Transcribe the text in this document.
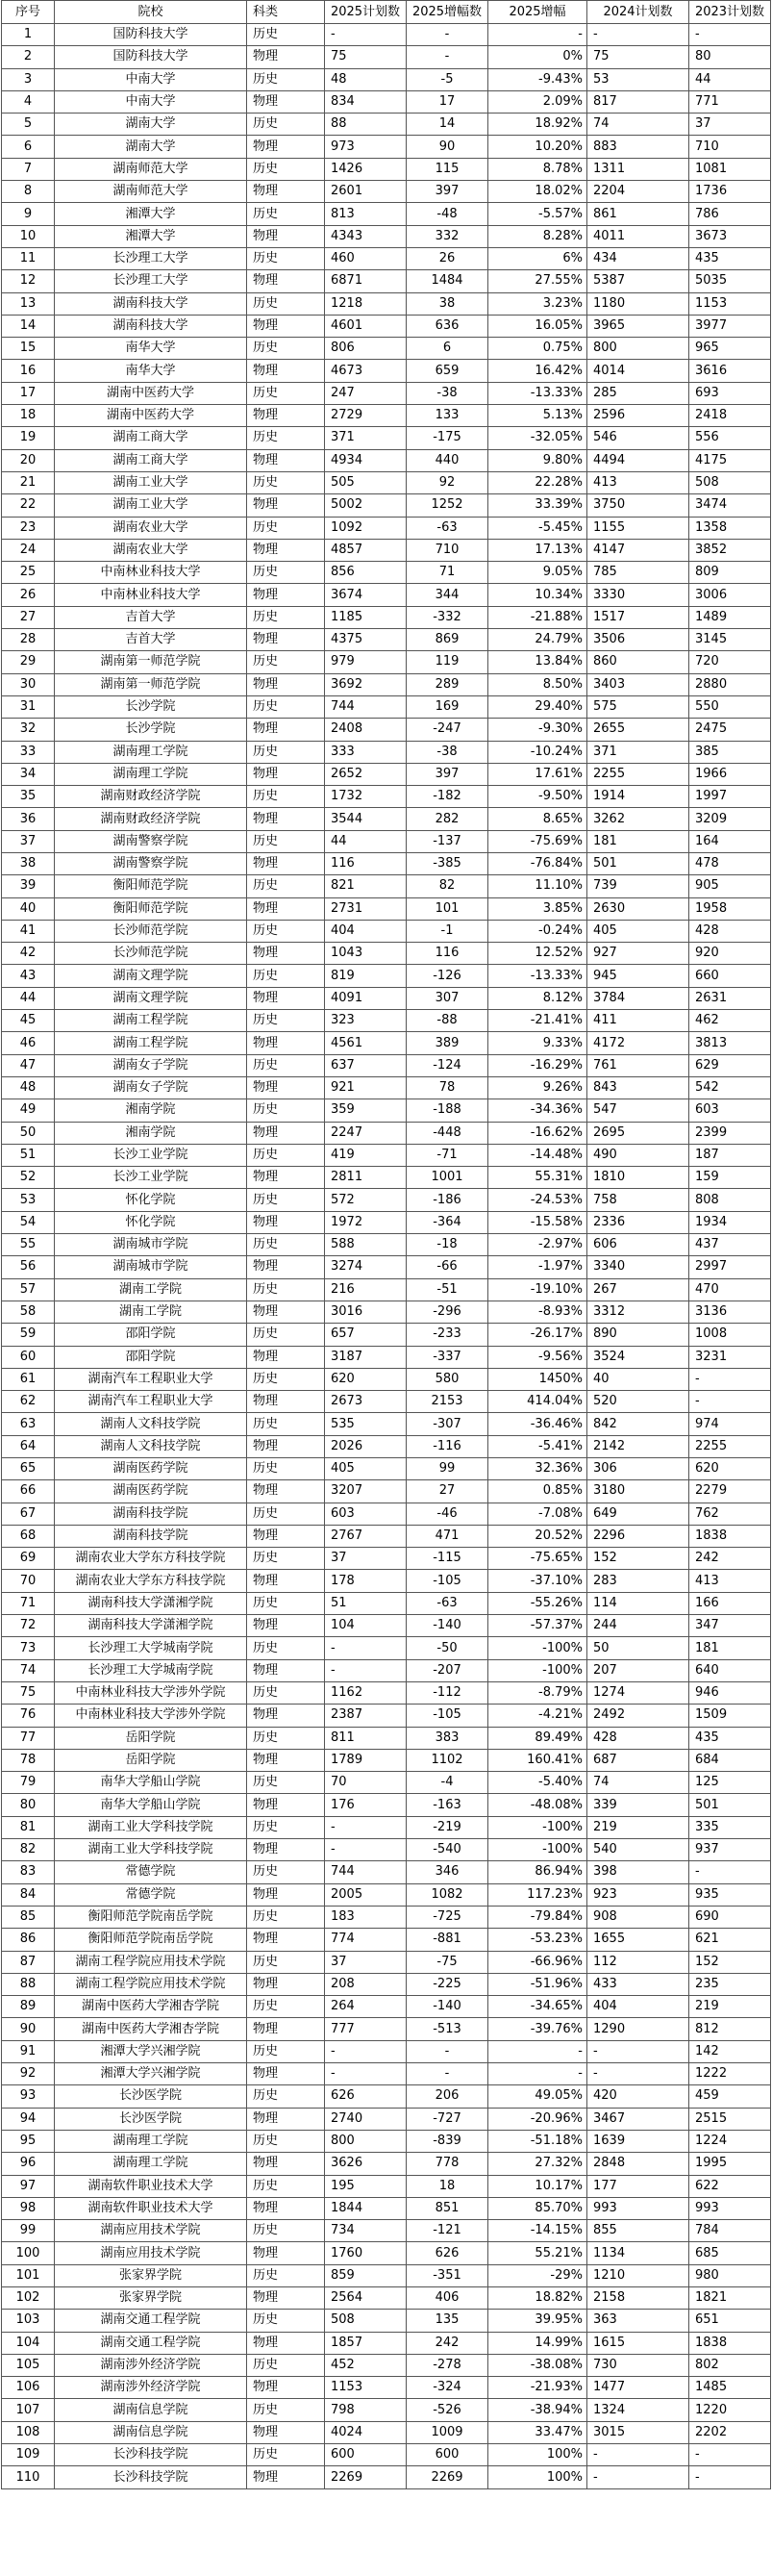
序号	院校	科类	2025计划数	2025增幅数	2025增幅	2024计划数	2023计划数
1	国防科技大学	历史	-	-	-	-	-
2	国防科技大学	物理	75	-	0%	75	80
3	中南大学	历史	48	-5	-9.43%	53	44
4	中南大学	物理	834	17	2.09%	817	771
5	湖南大学	历史	88	14	18.92%	74	37
6	湖南大学	物理	973	90	10.20%	883	710
7	湖南师范大学	历史	1426	115	8.78%	1311	1081
8	湖南师范大学	物理	2601	397	18.02%	2204	1736
9	湘潭大学	历史	813	-48	-5.57%	861	786
10	湘潭大学	物理	4343	332	8.28%	4011	3673
11	长沙理工大学	历史	460	26	6%	434	435
12	长沙理工大学	物理	6871	1484	27.55%	5387	5035
13	湖南科技大学	历史	1218	38	3.23%	1180	1153
14	湖南科技大学	物理	4601	636	16.05%	3965	3977
15	南华大学	历史	806	6	0.75%	800	965
16	南华大学	物理	4673	659	16.42%	4014	3616
17	湖南中医药大学	历史	247	-38	-13.33%	285	693
18	湖南中医药大学	物理	2729	133	5.13%	2596	2418
19	湖南工商大学	历史	371	-175	-32.05%	546	556
20	湖南工商大学	物理	4934	440	9.80%	4494	4175
21	湖南工业大学	历史	505	92	22.28%	413	508
22	湖南工业大学	物理	5002	1252	33.39%	3750	3474
23	湖南农业大学	历史	1092	-63	-5.45%	1155	1358
24	湖南农业大学	物理	4857	710	17.13%	4147	3852
25	中南林业科技大学	历史	856	71	9.05%	785	809
26	中南林业科技大学	物理	3674	344	10.34%	3330	3006
27	吉首大学	历史	1185	-332	-21.88%	1517	1489
28	吉首大学	物理	4375	869	24.79%	3506	3145
29	湖南第一师范学院	历史	979	119	13.84%	860	720
30	湖南第一师范学院	物理	3692	289	8.50%	3403	2880
31	长沙学院	历史	744	169	29.40%	575	550
32	长沙学院	物理	2408	-247	-9.30%	2655	2475
33	湖南理工学院	历史	333	-38	-10.24%	371	385
34	湖南理工学院	物理	2652	397	17.61%	2255	1966
35	湖南财政经济学院	历史	1732	-182	-9.50%	1914	1997
36	湖南财政经济学院	物理	3544	282	8.65%	3262	3209
37	湖南警察学院	历史	44	-137	-75.69%	181	164
38	湖南警察学院	物理	116	-385	-76.84%	501	478
39	衡阳师范学院	历史	821	82	11.10%	739	905
40	衡阳师范学院	物理	2731	101	3.85%	2630	1958
41	长沙师范学院	历史	404	-1	-0.24%	405	428
42	长沙师范学院	物理	1043	116	12.52%	927	920
43	湖南文理学院	历史	819	-126	-13.33%	945	660
44	湖南文理学院	物理	4091	307	8.12%	3784	2631
45	湖南工程学院	历史	323	-88	-21.41%	411	462
46	湖南工程学院	物理	4561	389	9.33%	4172	3813
47	湖南女子学院	历史	637	-124	-16.29%	761	629
48	湖南女子学院	物理	921	78	9.26%	843	542
49	湘南学院	历史	359	-188	-34.36%	547	603
50	湘南学院	物理	2247	-448	-16.62%	2695	2399
51	长沙工业学院	历史	419	-71	-14.48%	490	187
52	长沙工业学院	物理	2811	1001	55.31%	1810	159
53	怀化学院	历史	572	-186	-24.53%	758	808
54	怀化学院	物理	1972	-364	-15.58%	2336	1934
55	湖南城市学院	历史	588	-18	-2.97%	606	437
56	湖南城市学院	物理	3274	-66	-1.97%	3340	2997
57	湖南工学院	历史	216	-51	-19.10%	267	470
58	湖南工学院	物理	3016	-296	-8.93%	3312	3136
59	邵阳学院	历史	657	-233	-26.17%	890	1008
60	邵阳学院	物理	3187	-337	-9.56%	3524	3231
61	湖南汽车工程职业大学	历史	620	580	1450%	40	-
62	湖南汽车工程职业大学	物理	2673	2153	414.04%	520	-
63	湖南人文科技学院	历史	535	-307	-36.46%	842	974
64	湖南人文科技学院	物理	2026	-116	-5.41%	2142	2255
65	湖南医药学院	历史	405	99	32.36%	306	620
66	湖南医药学院	物理	3207	27	0.85%	3180	2279
67	湖南科技学院	历史	603	-46	-7.08%	649	762
68	湖南科技学院	物理	2767	471	20.52%	2296	1838
69	湖南农业大学东方科技学院	历史	37	-115	-75.65%	152	242
70	湖南农业大学东方科技学院	物理	178	-105	-37.10%	283	413
71	湖南科技大学潇湘学院	历史	51	-63	-55.26%	114	166
72	湖南科技大学潇湘学院	物理	104	-140	-57.37%	244	347
73	长沙理工大学城南学院	历史	-	-50	-100%	50	181
74	长沙理工大学城南学院	物理	-	-207	-100%	207	640
75	中南林业科技大学涉外学院	历史	1162	-112	-8.79%	1274	946
76	中南林业科技大学涉外学院	物理	2387	-105	-4.21%	2492	1509
77	岳阳学院	历史	811	383	89.49%	428	435
78	岳阳学院	物理	1789	1102	160.41%	687	684
79	南华大学船山学院	历史	70	-4	-5.40%	74	125
80	南华大学船山学院	物理	176	-163	-48.08%	339	501
81	湖南工业大学科技学院	历史	-	-219	-100%	219	335
82	湖南工业大学科技学院	物理	-	-540	-100%	540	937
83	常德学院	历史	744	346	86.94%	398	-
84	常德学院	物理	2005	1082	117.23%	923	935
85	衡阳师范学院南岳学院	历史	183	-725	-79.84%	908	690
86	衡阳师范学院南岳学院	物理	774	-881	-53.23%	1655	621
87	湖南工程学院应用技术学院	历史	37	-75	-66.96%	112	152
88	湖南工程学院应用技术学院	物理	208	-225	-51.96%	433	235
89	湖南中医药大学湘杏学院	历史	264	-140	-34.65%	404	219
90	湖南中医药大学湘杏学院	物理	777	-513	-39.76%	1290	812
91	湘潭大学兴湘学院	历史	-	-	-	-	142
92	湘潭大学兴湘学院	物理	-	-	-	-	1222
93	长沙医学院	历史	626	206	49.05%	420	459
94	长沙医学院	物理	2740	-727	-20.96%	3467	2515
95	湖南理工学院	历史	800	-839	-51.18%	1639	1224
96	湖南理工学院	物理	3626	778	27.32%	2848	1995
97	湖南软件职业技术大学	历史	195	18	10.17%	177	622
98	湖南软件职业技术大学	物理	1844	851	85.70%	993	993
99	湖南应用技术学院	历史	734	-121	-14.15%	855	784
100	湖南应用技术学院	物理	1760	626	55.21%	1134	685
101	张家界学院	历史	859	-351	-29%	1210	980
102	张家界学院	物理	2564	406	18.82%	2158	1821
103	湖南交通工程学院	历史	508	135	39.95%	363	651
104	湖南交通工程学院	物理	1857	242	14.99%	1615	1838
105	湖南涉外经济学院	历史	452	-278	-38.08%	730	802
106	湖南涉外经济学院	物理	1153	-324	-21.93%	1477	1485
107	湖南信息学院	历史	798	-526	-38.94%	1324	1220
108	湖南信息学院	物理	4024	1009	33.47%	3015	2202
109	长沙科技学院	历史	600	600	100%	-	-
110	长沙科技学院	物理	2269	2269	100%	-	-
